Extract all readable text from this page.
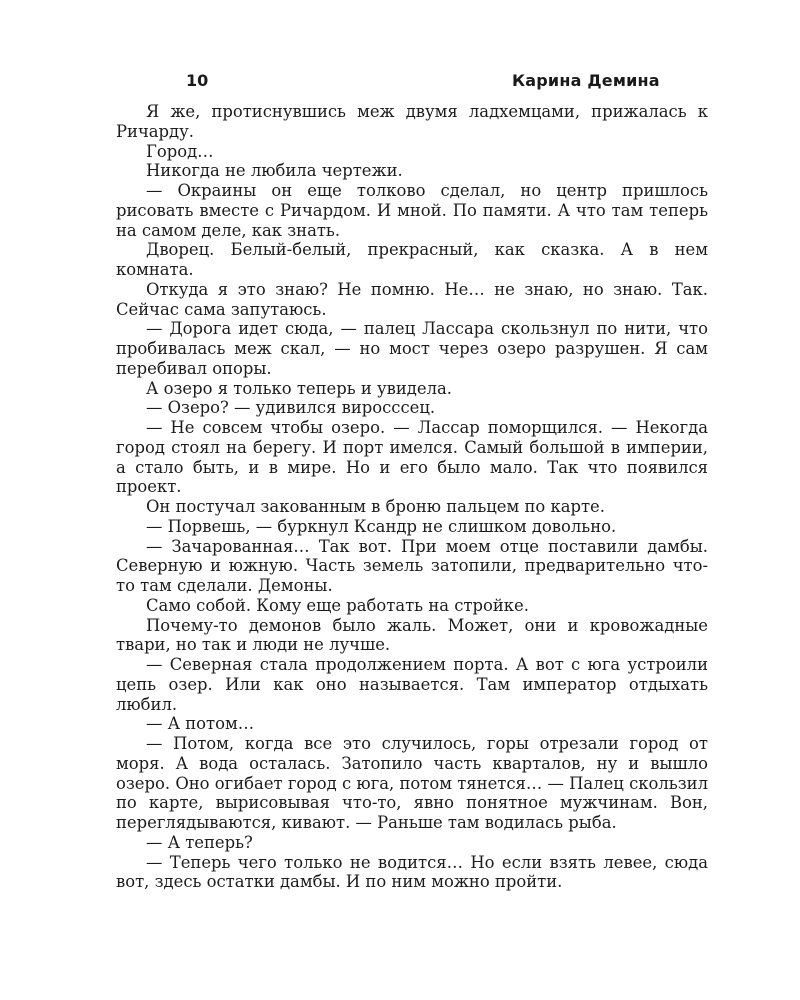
10	Карина Демина

Я же, протиснувшись меж двумя ладхемцами, прижалась к Ричарду.

Город…

Никогда не любила чертежи.

— Окраины он еще толково сделал, но центр пришлось рисовать вместе с Ричардом. И мной. По памяти. А что там теперь на самом деле, как знать.

Дворец. Белый-белый, прекрасный, как сказка. А в нем комната.

Откуда я это знаю? Не помню. Не… не знаю, но знаю. Так. Сейчас сама запутаюсь.

— Дорога идет сюда, — палец Лассара скользнул по нити, что пробивалась меж скал, — но мост через озеро разрушен. Я сам перебивал опоры.

А озеро я только теперь и увидела.

— Озеро? — удивился виросссец.

— Не совсем чтобы озеро. — Лассар поморщился. — Некогда город стоял на берегу. И порт имелся. Самый большой в империи, а стало быть, и в мире. Но и его было мало. Так что появился проект.

Он постучал закованным в броню пальцем по карте.

— Порвешь, — буркнул Ксандр не слишком довольно.

— Зачарованная… Так вот. При моем отце поставили дамбы. Северную и южную. Часть земель затопили, предварительно что-то там сделали. Демоны.

Само собой. Кому еще работать на стройке.

Почему-то демонов было жаль. Может, они и кровожадные твари, но так и люди не лучше.

— Северная стала продолжением порта. А вот с юга устроили цепь озер. Или как оно называется. Там император отдыхать любил.

— А потом…

— Потом, когда все это случилось, горы отрезали город от моря. А вода осталась. Затопило часть кварталов, ну и вышло озеро. Оно огибает город с юга, потом тянется… — Палец скользил по карте, вырисовывая что-то, явно понятное мужчинам. Вон, переглядываются, кивают. — Раньше там водилась рыба.

— А теперь?

— Теперь чего только не водится… Но если взять левее, сюда вот, здесь остатки дамбы. И по ним можно пройти.
